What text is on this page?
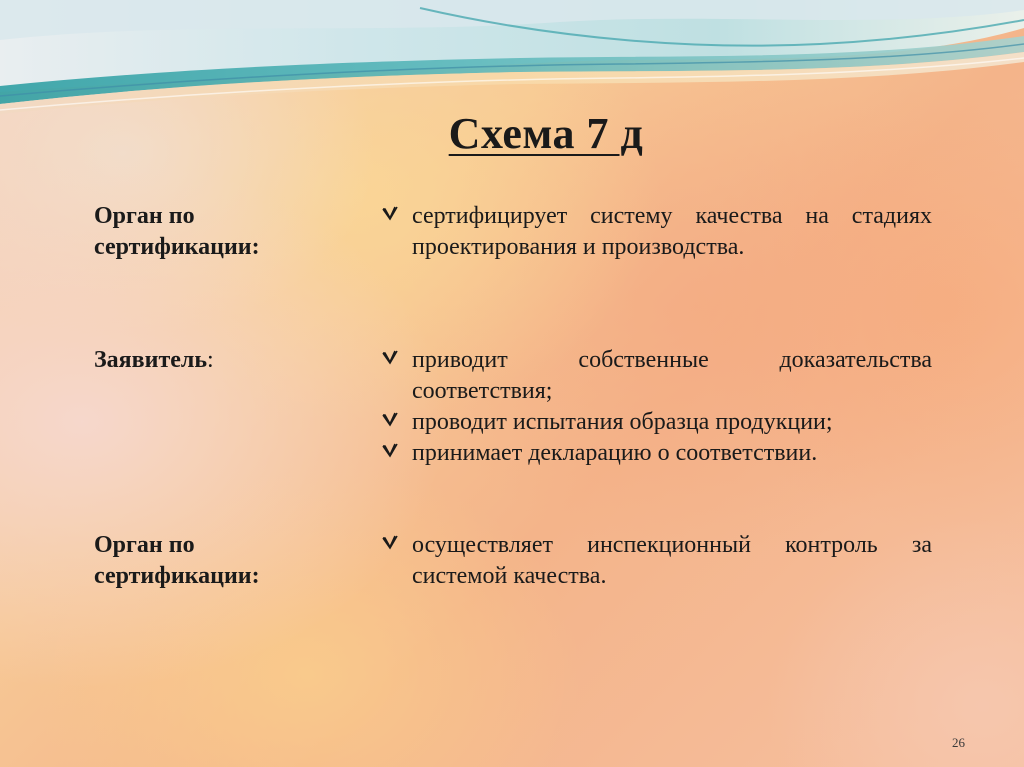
Схема 7 д
Орган по сертификации:
сертифицирует систему качества на стадиях проектирования и производства.
Заявитель:	приводит собственные доказательства соответствия;
проводит испытания образца продукции;
принимает декларацию о соответствии.
Орган по сертификации:
осуществляет инспекционный контроль за системой качества.
26
